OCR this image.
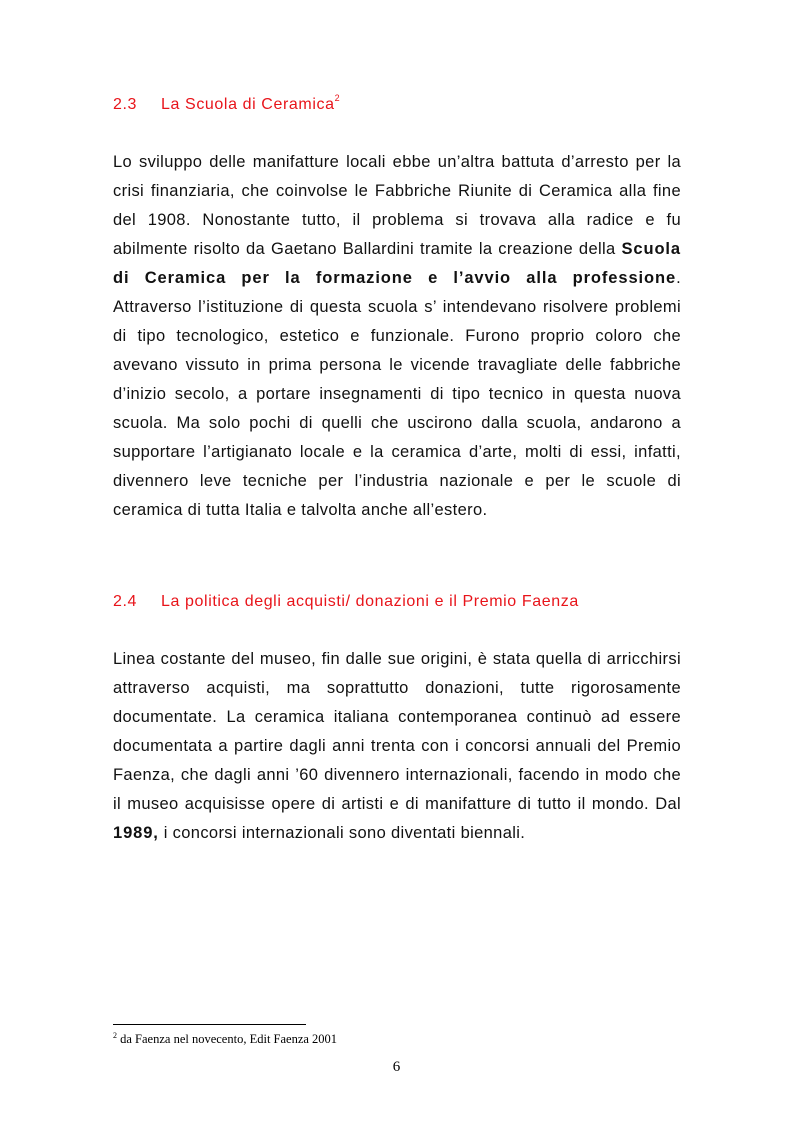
2.3 La Scuola di Ceramica$^2$

Lo sviluppo delle manifatture locali ebbe un’altra battuta d’arresto per la crisi finanziaria, che coinvolse le Fabbriche Riunite di Ceramica alla fine del 1908. Nonostante tutto, il problema si trovava alla radice e fu abilmente risolto da Gaetano Ballardini tramite la creazione della Scuola di Ceramica per la formazione e l’avvio alla professione. Attraverso l’istituzione di questa scuola s’ intendevano risolvere problemi di tipo tecnologico, estetico e funzionale. Furono proprio coloro che avevano vissuto in prima persona le vicende travagliate delle fabbriche d’inizio secolo, a portare insegnamenti di tipo tecnico in questa nuova scuola. Ma solo pochi di quelli che uscirono dalla scuola, andarono a supportare l’artigianato locale e la ceramica d’arte, molti di essi, infatti, divennero leve tecniche per l’industria nazionale e per le scuole di ceramica di tutta Italia e talvolta anche all’estero.

2.4 La politica degli acquisti/ donazioni e il Premio Faenza

Linea costante del museo, fin dalle sue origini, è stata quella di arricchirsi attraverso acquisti, ma soprattutto donazioni, tutte rigorosamente documentate. La ceramica italiana contemporanea continuò ad essere documentata a partire dagli anni trenta con i concorsi annuali del Premio Faenza, che dagli anni ’60 divennero internazionali, facendo in modo che il museo acquisisse opere di artisti e di manifatture di tutto il mondo. Dal 1989, i concorsi internazionali sono diventati biennali.

$^2$ da Faenza nel novecento, Edit Faenza 2001

6
